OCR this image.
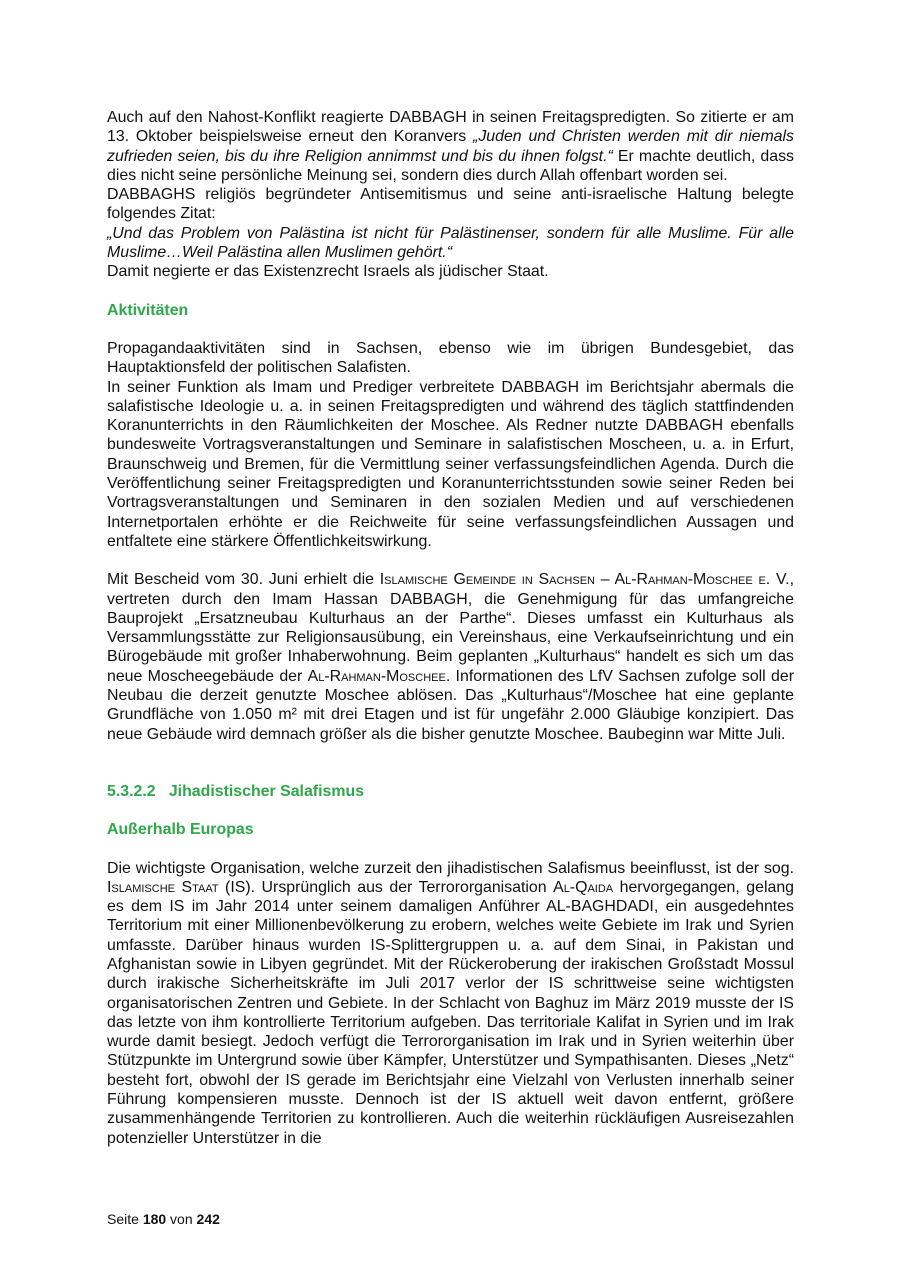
Auch auf den Nahost-Konflikt reagierte DABBAGH in seinen Freitagspredigten. So zitierte er am 13. Oktober beispielsweise erneut den Koranvers „Juden und Christen werden mit dir niemals zufrieden seien, bis du ihre Religion annimmst und bis du ihnen folgst.“ Er machte deutlich, dass dies nicht seine persönliche Meinung sei, sondern dies durch Allah offenbart worden sei.

DABBAGHS religiös begründeter Antisemitismus und seine anti-israelische Haltung belegte folgendes Zitat:

„Und das Problem von Palästina ist nicht für Palästinenser, sondern für alle Muslime. Für alle Muslime…Weil Palästina allen Muslimen gehört.“

Damit negierte er das Existenzrecht Israels als jüdischer Staat.

Aktivitäten

Propagandaaktivitäten sind in Sachsen, ebenso wie im übrigen Bundesgebiet, das Hauptaktionsfeld der politischen Salafisten.

In seiner Funktion als Imam und Prediger verbreitete DABBAGH im Berichtsjahr abermals die salafistische Ideologie u. a. in seinen Freitagspredigten und während des täglich stattfindenden Koranunterrichts in den Räumlichkeiten der Moschee. Als Redner nutzte DABBAGH ebenfalls bundesweite Vortragsveranstaltungen und Seminare in salafistischen Moscheen, u. a. in Erfurt, Braunschweig und Bremen, für die Vermittlung seiner verfassungsfeindlichen Agenda. Durch die Veröffentlichung seiner Freitagspredigten und Koranunterrichtsstunden sowie seiner Reden bei Vortragsveranstaltungen und Seminaren in den sozialen Medien und auf verschiedenen Internetportalen erhöhte er die Reichweite für seine verfassungsfeindlichen Aussagen und entfaltete eine stärkere Öffentlichkeitswirkung.

Mit Bescheid vom 30. Juni erhielt die Islamische Gemeinde in Sachsen – Al-Rahman-Moschee e. V., vertreten durch den Imam Hassan DABBAGH, die Genehmigung für das umfangreiche Bauprojekt „Ersatzneubau Kulturhaus an der Parthe“. Dieses umfasst ein Kulturhaus als Versammlungsstätte zur Religionsausübung, ein Vereinshaus, eine Verkaufseinrichtung und ein Bürogebäude mit großer Inhaberwohnung. Beim geplanten „Kulturhaus“ handelt es sich um das neue Moscheegebäude der Al-Rahman-Moschee. Informationen des LfV Sachsen zufolge soll der Neubau die derzeit genutzte Moschee ablösen. Das „Kulturhaus“/Moschee hat eine geplante Grundfläche von 1.050 m² mit drei Etagen und ist für ungefähr 2.000 Gläubige konzipiert. Das neue Gebäude wird demnach größer als die bisher genutzte Moschee. Baubeginn war Mitte Juli.

5.3.2.2   Jihadistischer Salafismus
Außerhalb Europas

Die wichtigste Organisation, welche zurzeit den jihadistischen Salafismus beeinflusst, ist der sog. Islamische Staat (IS). Ursprünglich aus der Terrororganisation Al-Qaida hervorgegangen, gelang es dem IS im Jahr 2014 unter seinem damaligen Anführer AL-BAGHDADI, ein ausgedehntes Territorium mit einer Millionenbevölkerung zu erobern, welches weite Gebiete im Irak und Syrien umfasste. Darüber hinaus wurden IS-Splittergruppen u. a. auf dem Sinai, in Pakistan und Afghanistan sowie in Libyen gegründet. Mit der Rückeroberung der irakischen Großstadt Mossul durch irakische Sicherheitskräfte im Juli 2017 verlor der IS schrittweise seine wichtigsten organisatorischen Zentren und Gebiete. In der Schlacht von Baghuz im März 2019 musste der IS das letzte von ihm kontrollierte Territorium aufgeben. Das territoriale Kalifat in Syrien und im Irak wurde damit besiegt. Jedoch verfügt die Terrororganisation im Irak und in Syrien weiterhin über Stützpunkte im Untergrund sowie über Kämpfer, Unterstützer und Sympathisanten. Dieses „Netz“ besteht fort, obwohl der IS gerade im Berichtsjahr eine Vielzahl von Verlusten innerhalb seiner Führung kompensieren musste. Dennoch ist der IS aktuell weit davon entfernt, größere zusammenhängende Territorien zu kontrollieren. Auch die weiterhin rückläufigen Ausreisezahlen potenzieller Unterstützer in die

Seite 180 von 242
